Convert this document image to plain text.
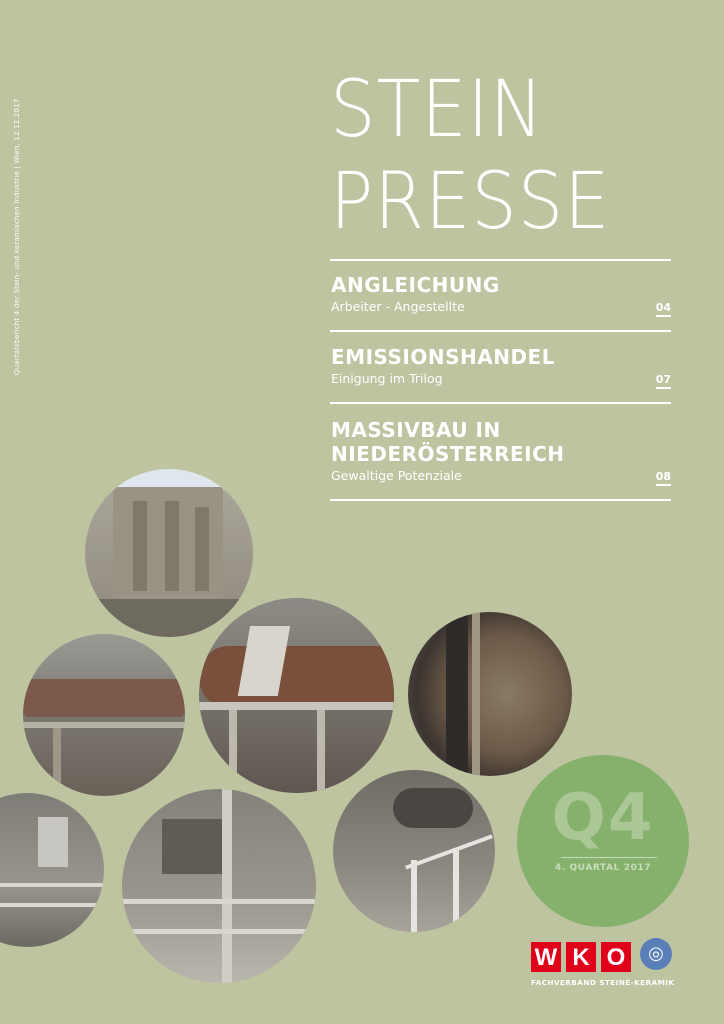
Quartalsbericht 4 der Stein- und keramischen Industrie | Wien, 12.12.2017	STEIN
PRESSE
ANGLEICHUNG
Arbeiter - Angestellte	04
EMISSIONSHANDEL
Einigung im Trilog	07
MASSIVBAU IN
NIEDERÖSTERREICH
Gewaltige Potenziale	08
Q4
4. QUARTAL 2017
W K O	◎
FACHVERBAND STEINE-KERAMIK
